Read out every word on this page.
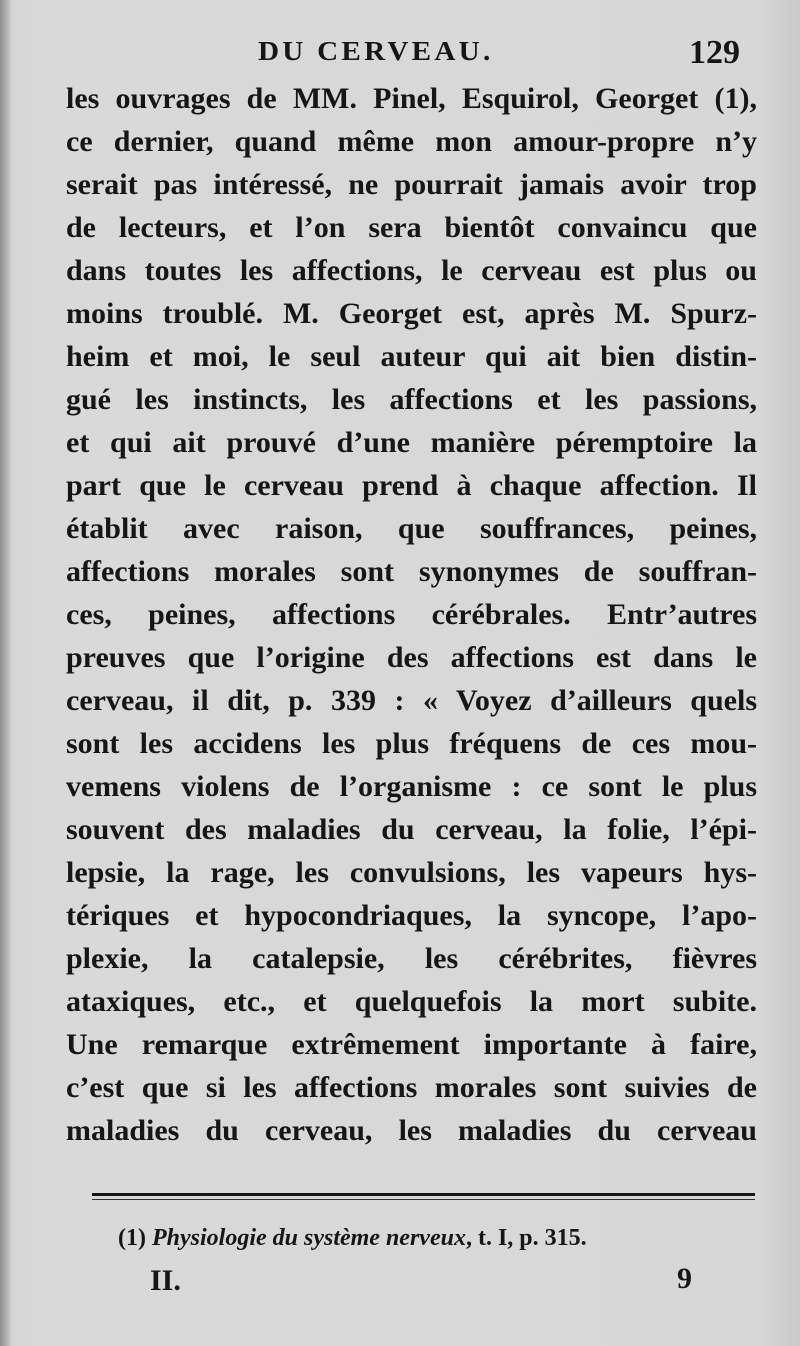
DU CERVEAU.	129
les ouvrages de MM. Pinel, Esquirol, Georget (1),
ce dernier, quand même mon amour-propre n’y
serait pas intéressé, ne pourrait jamais avoir trop
de lecteurs, et l’on sera bientôt convaincu que
dans toutes les affections, le cerveau est plus ou
moins troublé. M. Georget est, après M. Spurz-
heim et moi, le seul auteur qui ait bien distin-
gué les instincts, les affections et les passions,
et qui ait prouvé d’une manière péremptoire la
part que le cerveau prend à chaque affection. Il
établit avec raison, que souffrances, peines,
affections morales sont synonymes de souffran-
ces, peines, affections cérébrales. Entr’autres
preuves que l’origine des affections est dans le
cerveau, il dit, p. 339 : « Voyez d’ailleurs quels
sont les accidens les plus fréquens de ces mou-
vemens violens de l’organisme : ce sont le plus
souvent des maladies du cerveau, la folie, l’épi-
lepsie, la rage, les convulsions, les vapeurs hys-
tériques et hypocondriaques, la syncope, l’apo-
plexie, la catalepsie, les cérébrites, fièvres
ataxiques, etc., et quelquefois la mort subite.
Une remarque extrêmement importante à faire,
c’est que si les affections morales sont suivies de
maladies du cerveau, les maladies du cerveau
(1) Physiologie du système nerveux, t. I, p. 315.
II.	9
